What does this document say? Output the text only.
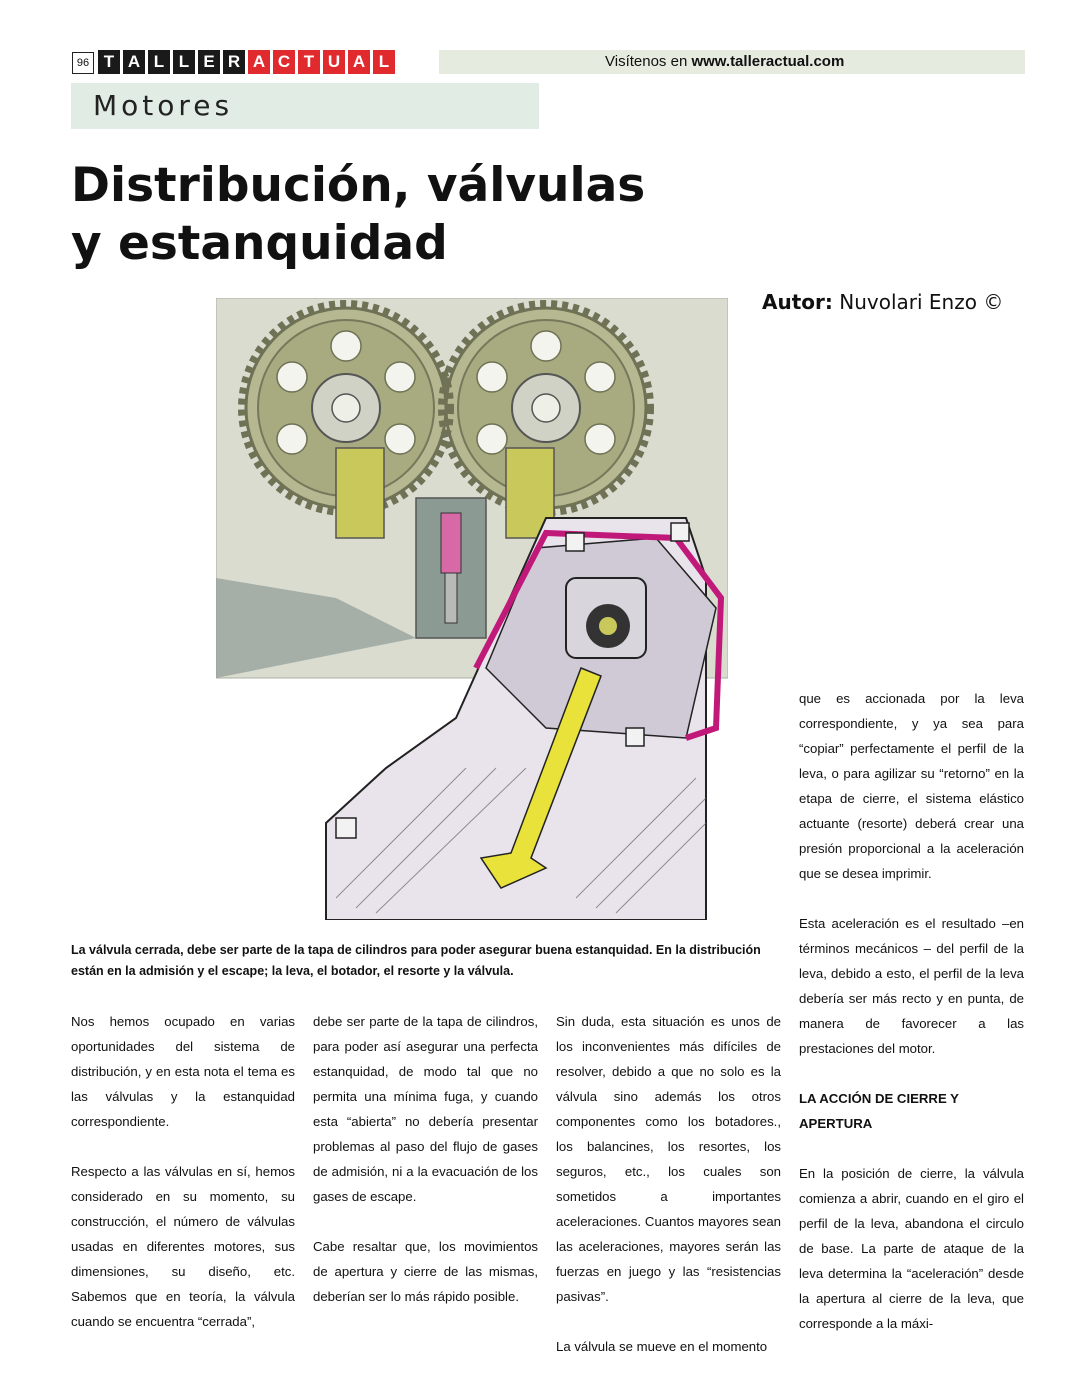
96 T A L L E R A C T U A L	Visítenos en www.talleractual.com
Motores
Distribución, válvulas
y estanquidad
Autor: Nuvolari Enzo ©
La válvula cerrada, debe ser parte de la tapa de cilindros para poder asegurar buena estanquidad. En la distribución están en la admisión y el escape; la leva, el botador, el resorte y la válvula.

Nos hemos ocupado en varias oportunidades del sistema de distribución, y en esta nota el tema es las válvulas y la estanquidad correspondiente.

Respecto a las válvulas en sí, hemos considerado en su momento, su construcción, el número de válvulas usadas en diferentes motores, sus dimensiones, su diseño, etc. Sabemos que en teoría, la válvula cuando se encuentra “cerrada”,

debe ser parte de la tapa de cilindros, para poder así asegurar una perfecta estanquidad, de modo tal que no permita una mínima fuga, y cuando esta “abierta” no debería presentar problemas al paso del flujo de gases de admisión, ni a la evacuación de los gases de escape.

Cabe resaltar que, los movimientos de apertura y cierre de las mismas, deberían ser lo más rápido posible.

Sin duda, esta situación es unos de los inconvenientes más difíciles de resolver, debido a que no solo es la válvula sino además los otros componentes como los botadores., los balancines, los resortes, los seguros, etc., los cuales son sometidos a importantes aceleraciones. Cuantos mayores sean las aceleraciones, mayores serán las fuerzas en juego y las “resistencias pasivas”.

La válvula se mueve en el momento

que es accionada por la leva correspondiente, y ya sea para “copiar” perfectamente el perfil de la leva, o para agilizar su “retorno” en la etapa de cierre, el sistema elástico actuante (resorte) deberá crear una presión proporcional a la aceleración que se desea imprimir.

Esta aceleración es el resultado –en términos mecánicos – del perfil de la leva, debido a esto, el perfil de la leva debería ser más recto y en punta, de manera de favorecer a las prestaciones del motor.

LA ACCIÓN DE CIERRE Y APERTURA

En la posición de cierre, la válvula comienza a abrir, cuando en el giro el perfil de la leva, abandona el circulo de base. La parte de ataque de la leva determina la “aceleración” desde la apertura al cierre de la leva, que corresponde a la máxi-
